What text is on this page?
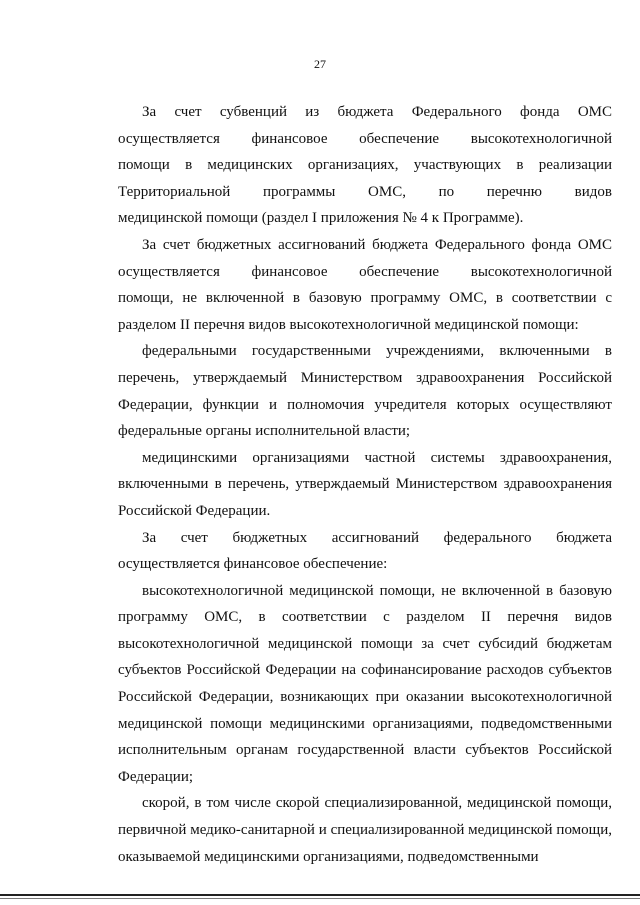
27
За счет субвенций из бюджета Федерального фонда ОМС
осуществляется финансовое обеспечение высокотехнологичной
помощи в медицинских организациях, участвующих в реализации
Территориальной программы ОМС, по перечню видов
медицинской помощи (раздел I приложения № 4 к Программе).
За счет бюджетных ассигнований бюджета Федерального фонда ОМС
осуществляется финансовое обеспечение высокотехнологичной
помощи, не включенной в базовую программу ОМС, в соответствии с
разделом II перечня видов высокотехнологичной медицинской помощи:
федеральными государственными учреждениями, включенными в
перечень, утверждаемый Министерством здравоохранения Российской
Федерации, функции и полномочия учредителя которых осуществляют
федеральные органы исполнительной власти;
медицинскими организациями частной системы здравоохранения,
включенными в перечень, утверждаемый Министерством здравоохранения
Российской Федерации.
За счет бюджетных ассигнований федерального бюджета
осуществляется финансовое обеспечение:
высокотехнологичной медицинской помощи, не включенной в базовую
программу ОМС, в соответствии с разделом II перечня видов
высокотехнологичной медицинской помощи за счет субсидий бюджетам
субъектов Российской Федерации на софинансирование расходов субъектов
Российской Федерации, возникающих при оказании высокотехнологичной
медицинской помощи медицинскими организациями, подведомственными
исполнительным органам государственной власти субъектов Российской
Федерации;
скорой, в том числе скорой специализированной, медицинской помощи,
первичной медико-санитарной и специализированной медицинской помощи,
оказываемой медицинскими организациями, подведомственными
